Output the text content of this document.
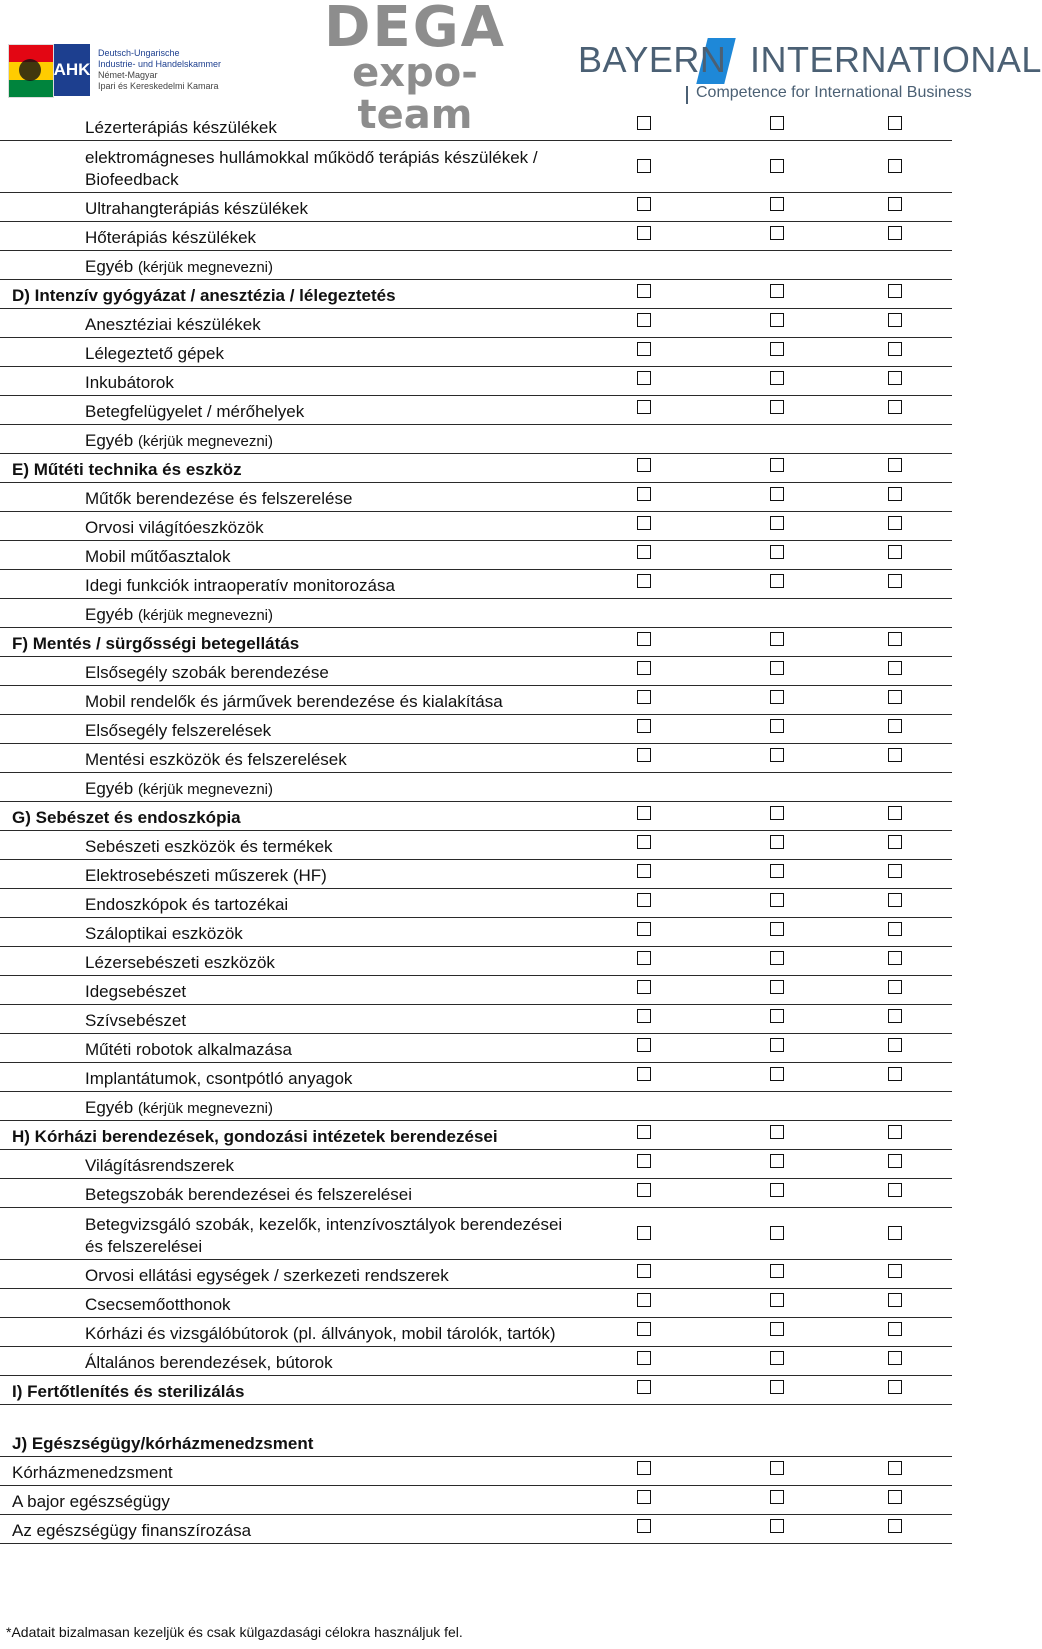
AHK
Deutsch-Ungarische
Industrie- und Handelskammer
Német-Magyar
Ipari és Kereskedelmi Kamara
DEGA
expo-team
BAYERN INTERNATIONAL
Competence for International Business
Lézerterápiás készülékek
elektromágneses hullámokkal működő terápiás készülékek /
Biofeedback
Ultrahangterápiás készülékek
Hőterápiás készülékek
Egyéb (kérjük megnevezni)
D) Intenzív gyógyázat / anesztézia / lélegeztetés
Anesztéziai készülékek
Lélegeztető gépek
Inkubátorok
Betegfelügyelet / mérőhelyek
Egyéb (kérjük megnevezni)
E) Műtéti technika és eszköz
Műtők berendezése és felszerelése
Orvosi világítóeszközök
Mobil műtőasztalok
Idegi funkciók intraoperatív monitorozása
Egyéb (kérjük megnevezni)
F) Mentés / sürgősségi betegellátás
Elsősegély szobák berendezése
Mobil rendelők és járművek berendezése és kialakítása
Elsősegély felszerelések
Mentési eszközök és felszerelések
Egyéb (kérjük megnevezni)
G) Sebészet és endoszkópia
Sebészeti eszközök és termékek
Elektrosebészeti műszerek (HF)
Endoszkópok és tartozékai
Száloptikai eszközök
Lézersebészeti eszközök
Idegsebészet
Szívsebészet
Műtéti robotok alkalmazása
Implantátumok, csontpótló anyagok
Egyéb (kérjük megnevezni)
H) Kórházi berendezések, gondozási intézetek berendezései
Világításrendszerek
Betegszobák berendezései és felszerelései
Betegvizsgáló szobák, kezelők, intenzívosztályok berendezései
és felszerelései
Orvosi ellátási egységek / szerkezeti rendszerek
Csecsemőotthonok
Kórházi és vizsgálóbútorok (pl. állványok, mobil tárolók, tartók)
Általános berendezések, bútorok
I) Fertőtlenítés és sterilizálás
J) Egészségügy/kórházmenedzsment
Kórházmenedzsment
A bajor egészségügy
Az egészségügy finanszírozása
*Adatait bizalmasan kezeljük és csak külgazdasági célokra használjuk fel.
